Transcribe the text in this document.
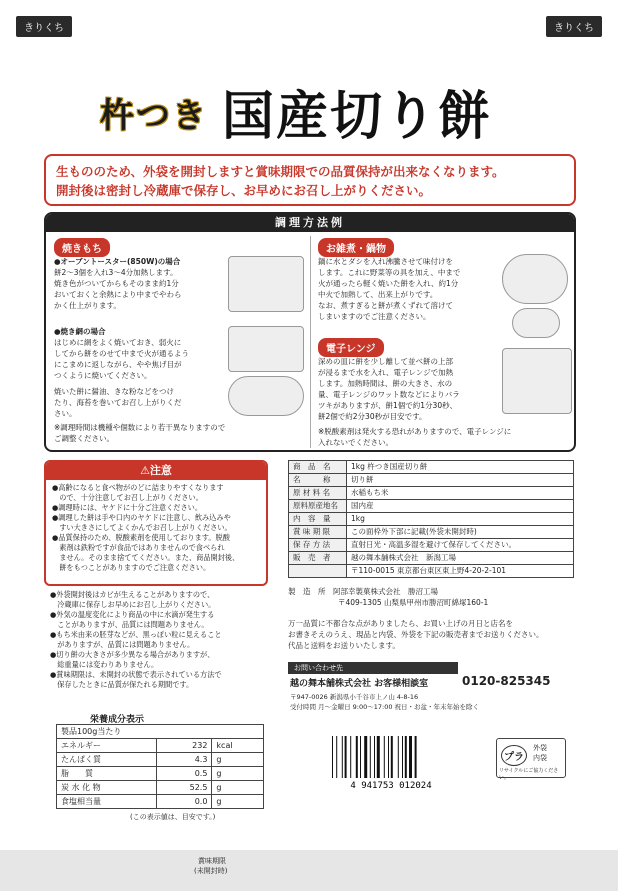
きりくち	きりくち
杵つき 国産切り餅
生もののため、外袋を開封しますと賞味期限での品質保持が出来なくなります。
開封後は密封し冷蔵庫で保存し、お早めにお召し上がりください。
調理方法例
焼きもち
●オーブントースター(850W)の場合
餅2～3個を入れ3～4分加熱します。
焼き色がついてからもそのまま約1分
おいておくと余熱により中までやわら
かく仕上がります。
●焼き網の場合
はじめに網をよく焼いておき、弱火に
してから餅をのせて中まで火が通るよう
にこまめに返しながら、やや焦げ目が
つくように焼いてください。
焼いた餅に醤油、きな粉などをつけ
たり、海苔を巻いてお召し上がりくだ
さい。
※調理時間は機種や個数により若干異なりますので
ご調整ください。
お雑煮・鍋物
鍋に水とダシを入れ沸騰させて味付けを
します。これに野菜等の具を加え、中まで
火が通ったら軽く焼いた餅を入れ、約1分
中火で加熱して、出来上がりです。
なお、煮すぎると餅が煮くずれて溶けて
しまいますのでご注意ください。
電子レンジ
深めの皿に餅を少し離して並べ餅の上部
が浸るまで水を入れ、電子レンジで加熱
します。加熱時間は、餅の大きさ、水の
量、電子レンジのワット数などによりバラ
ツキがありますが、餅1個で約1分30秒、
餅2個で約2分30秒が目安です。
※脱酸素剤は発火する恐れがありますので、電子レンジに
入れないでください。
⚠注意
●高齢になると食べ物がのどに詰まりやすくなります
　ので、十分注意してお召し上がりください。
●調理時には、ヤケドに十分ご注意ください。
●調理した餅は手や口内のヤケドに注意し、飲み込みや
　すい大きさにしてよくかんでお召し上がりください。
●品質保持のため、脱酸素剤を使用しております。脱酸
　素剤は鉄粉ですが食品ではありませんので食べられ
　ません。そのまま捨ててください。また、商品開封後、
　餅をもつことがありますのでご注意ください。
●外袋開封後はカビが生えることがありますので、
　冷蔵庫に保存しお早めにお召し上がりください。
●外気の温度変化により商品の中に水滴が発生する
　ことがありますが、品質には問題ありません。
●もち米由来の胚芽などが、黒っぽい粒に見えること
　がありますが、品質には問題ありません。
●切り餅の大きさが多少異なる場合がありますが、
　総重量には変わりありません。
●賞味期限は、未開封の状態で表示されている方法で
　保存したときに品質が保たれる期間です。
栄養成分表示
製品100g当たり		
エネルギー	232	kcal
たんぱく質	4.3	g
脂　　質	0.5	g
炭 水 化 物	52.5	g
食塩相当量	0.0	g
(この表示値は、目安です。)
商　品　名	1kg 杵つき国産切り餅
名　　　称	切り餅
原 材 料 名	水稲もち米
原料原産地名	国内産
内　容　量	1kg
賞 味 期 限	この面枠外下部に記載(外袋未開封時)
保 存 方 法	直射日光・高温多湿を避けて保存してください。
販　売　者	越の舞本舗株式会社　新潟工場
	〒110-0015 東京都台東区東上野4-20-2-101
製　造　所　 阿部幸製菓株式会社　勝沼工場
〒409-1305 山梨県甲州市勝沼町綿塚160-1
万一品質に不都合な点がありましたら、お買い上げの月日と店名を
お書きそえのうえ、現品と内袋、外袋を下記の販売者までお送りください。
代品と送料をお送りいたします。
お問い合わせ先
越の舞本舗株式会社 お客様相談室	0120-825345
〒947-0026 新潟県小千谷市上ノ山 4-8-16
受付時間 月～金曜日 9:00～17:00 祝日・お盆・年末年始を除く
4 941753 012024
プラ
外袋
内袋
リサイクルにご協力ください。
賞味期限
(未開封時)
